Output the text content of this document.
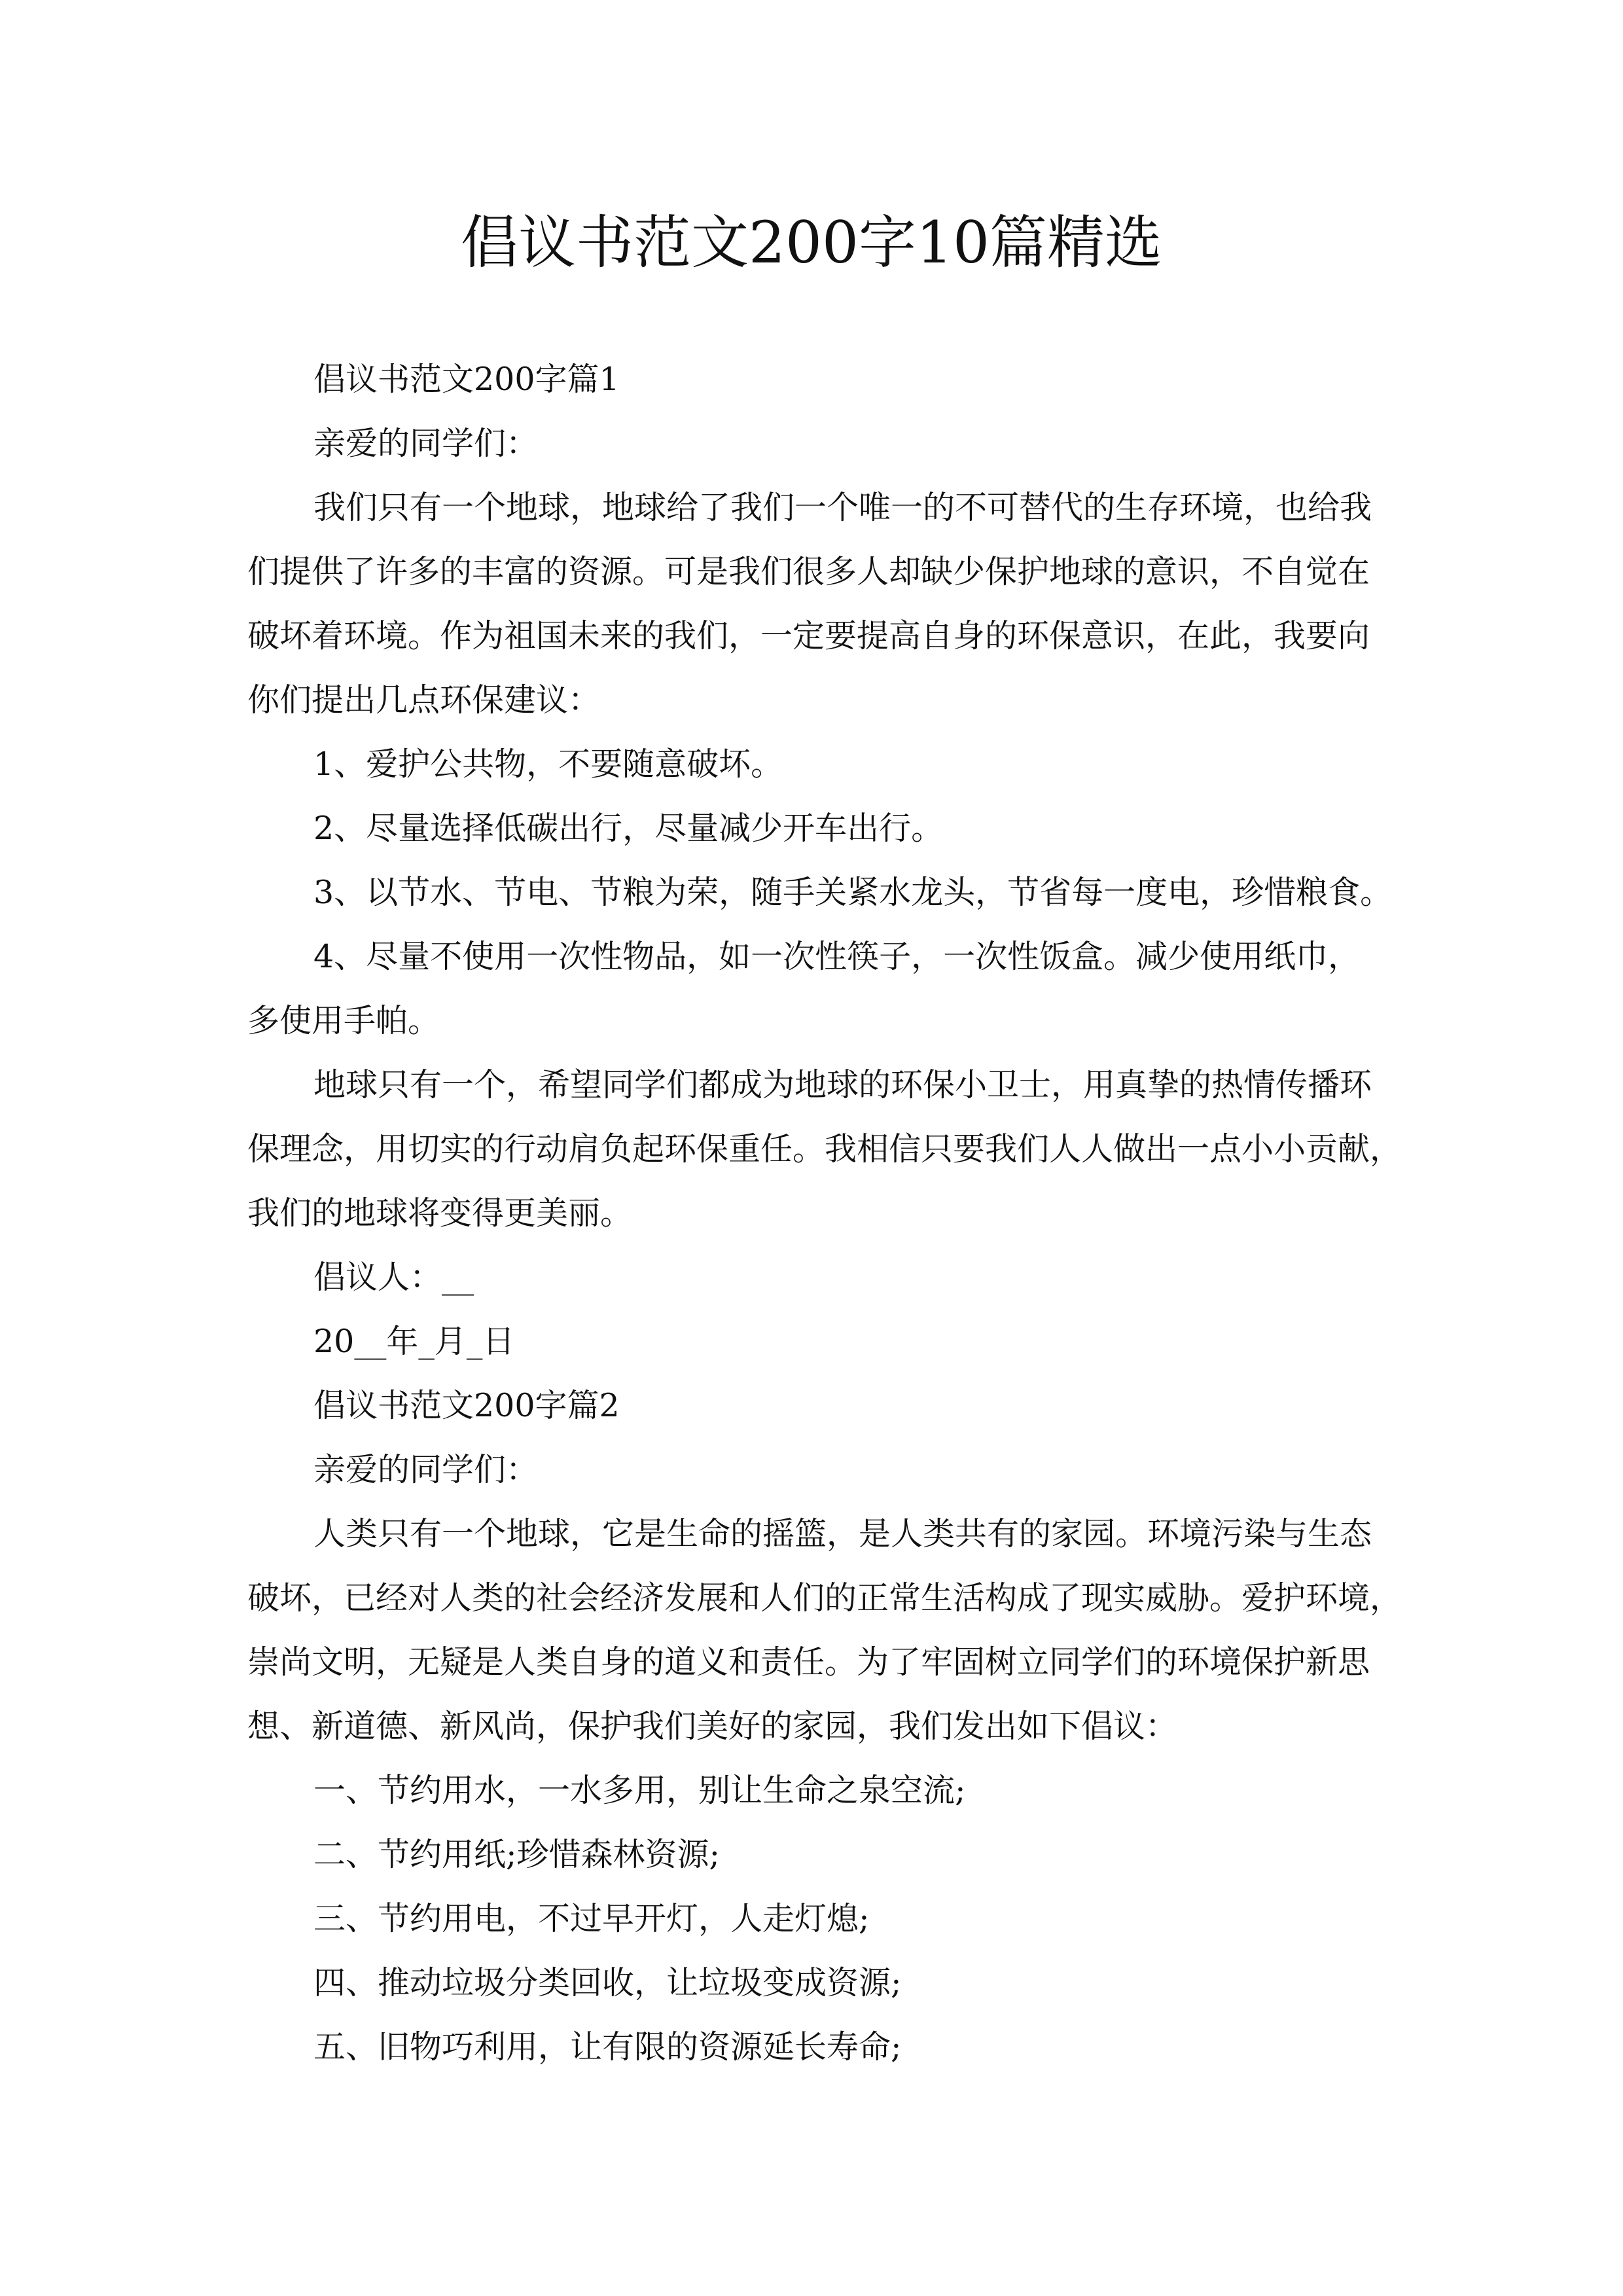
倡议书范文200字10篇精选
倡议书范文200字篇1
亲爱的同学们：
我们只有一个地球，地球给了我们一个唯一的不可替代的生存环境，也给我
们提供了许多的丰富的资源。可是我们很多人却缺少保护地球的意识，不自觉在
破坏着环境。作为祖国未来的我们，一定要提高自身的环保意识，在此，我要向
你们提出几点环保建议：
1、爱护公共物，不要随意破坏。
2、尽量选择低碳出行，尽量减少开车出行。
3、以节水、节电、节粮为荣，随手关紧水龙头，节省每一度电，珍惜粮食。
4、尽量不使用一次性物品，如一次性筷子，一次性饭盒。减少使用纸巾，
多使用手帕。
地球只有一个，希望同学们都成为地球的环保小卫士，用真挚的热情传播环
保理念，用切实的行动肩负起环保重任。我相信只要我们人人做出一点小小贡献，
我们的地球将变得更美丽。
倡议人：__
20__年_月_日
倡议书范文200字篇2
亲爱的同学们：
人类只有一个地球，它是生命的摇篮，是人类共有的家园。环境污染与生态
破坏，已经对人类的社会经济发展和人们的正常生活构成了现实威胁。爱护环境，
崇尚文明，无疑是人类自身的道义和责任。为了牢固树立同学们的环境保护新思
想、新道德、新风尚，保护我们美好的家园，我们发出如下倡议：
一、节约用水，一水多用，别让生命之泉空流;
二、节约用纸;珍惜森林资源;
三、节约用电，不过早开灯，人走灯熄;
四、推动垃圾分类回收，让垃圾变成资源;
五、旧物巧利用，让有限的资源延长寿命;
